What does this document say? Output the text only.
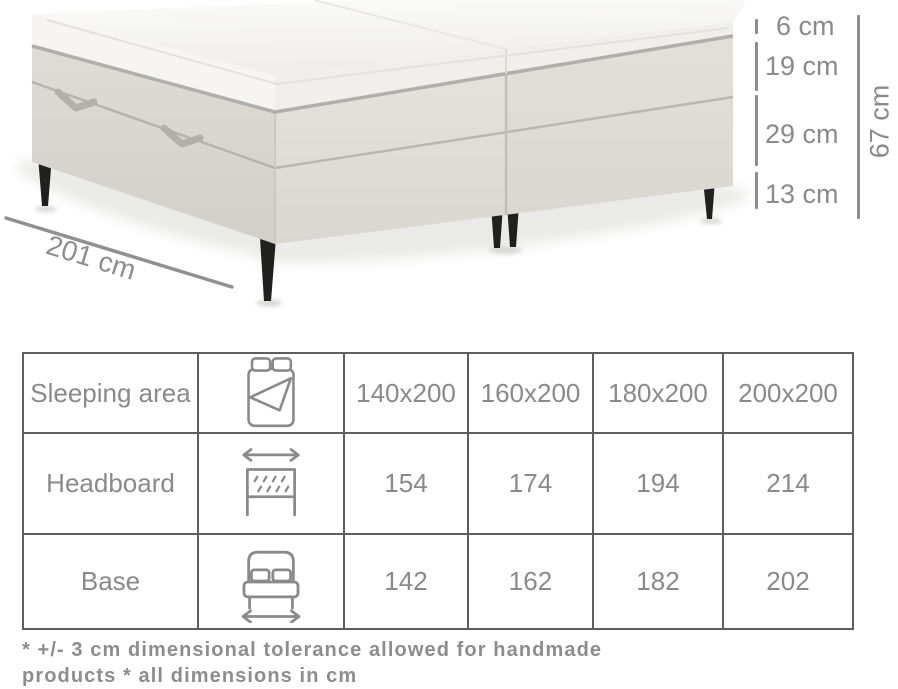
6 cm
19 cm
29 cm
13 cm
67 cm
201 cm
Sleeping area		140x200	160x200	180x200	200x200
Headboard		154	174	194	214
Base		142	162	182	202
* +/- 3 cm dimensional tolerance allowed for handmade
products * all dimensions in cm
